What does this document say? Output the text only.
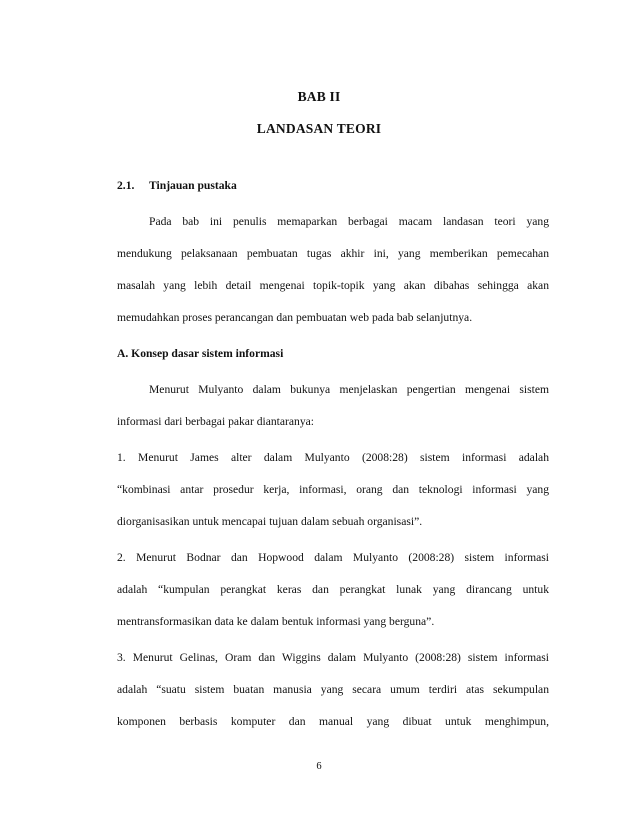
BAB II
LANDASAN TEORI
2.1. Tinjauan pustaka
Pada bab ini penulis memaparkan berbagai macam landasan teori yang
mendukung pelaksanaan pembuatan tugas akhir ini, yang memberikan pemecahan
masalah yang lebih detail mengenai topik-topik yang akan dibahas sehingga akan
memudahkan proses perancangan dan pembuatan web pada bab selanjutnya.
A. Konsep dasar sistem informasi
Menurut Mulyanto dalam bukunya menjelaskan pengertian mengenai sistem
informasi dari berbagai pakar diantaranya:
1. Menurut James alter dalam Mulyanto (2008:28) sistem informasi adalah
“kombinasi antar prosedur kerja, informasi, orang dan teknologi informasi yang
diorganisasikan untuk mencapai tujuan dalam sebuah organisasi”.
2. Menurut Bodnar dan Hopwood dalam Mulyanto (2008:28) sistem informasi
adalah “kumpulan perangkat keras dan perangkat lunak yang dirancang untuk
mentransformasikan data ke dalam bentuk informasi yang berguna”.
3. Menurut Gelinas, Oram dan Wiggins dalam Mulyanto (2008:28) sistem informasi
adalah “suatu sistem buatan manusia yang secara umum terdiri atas sekumpulan
komponen berbasis komputer dan manual yang dibuat untuk menghimpun,
6
